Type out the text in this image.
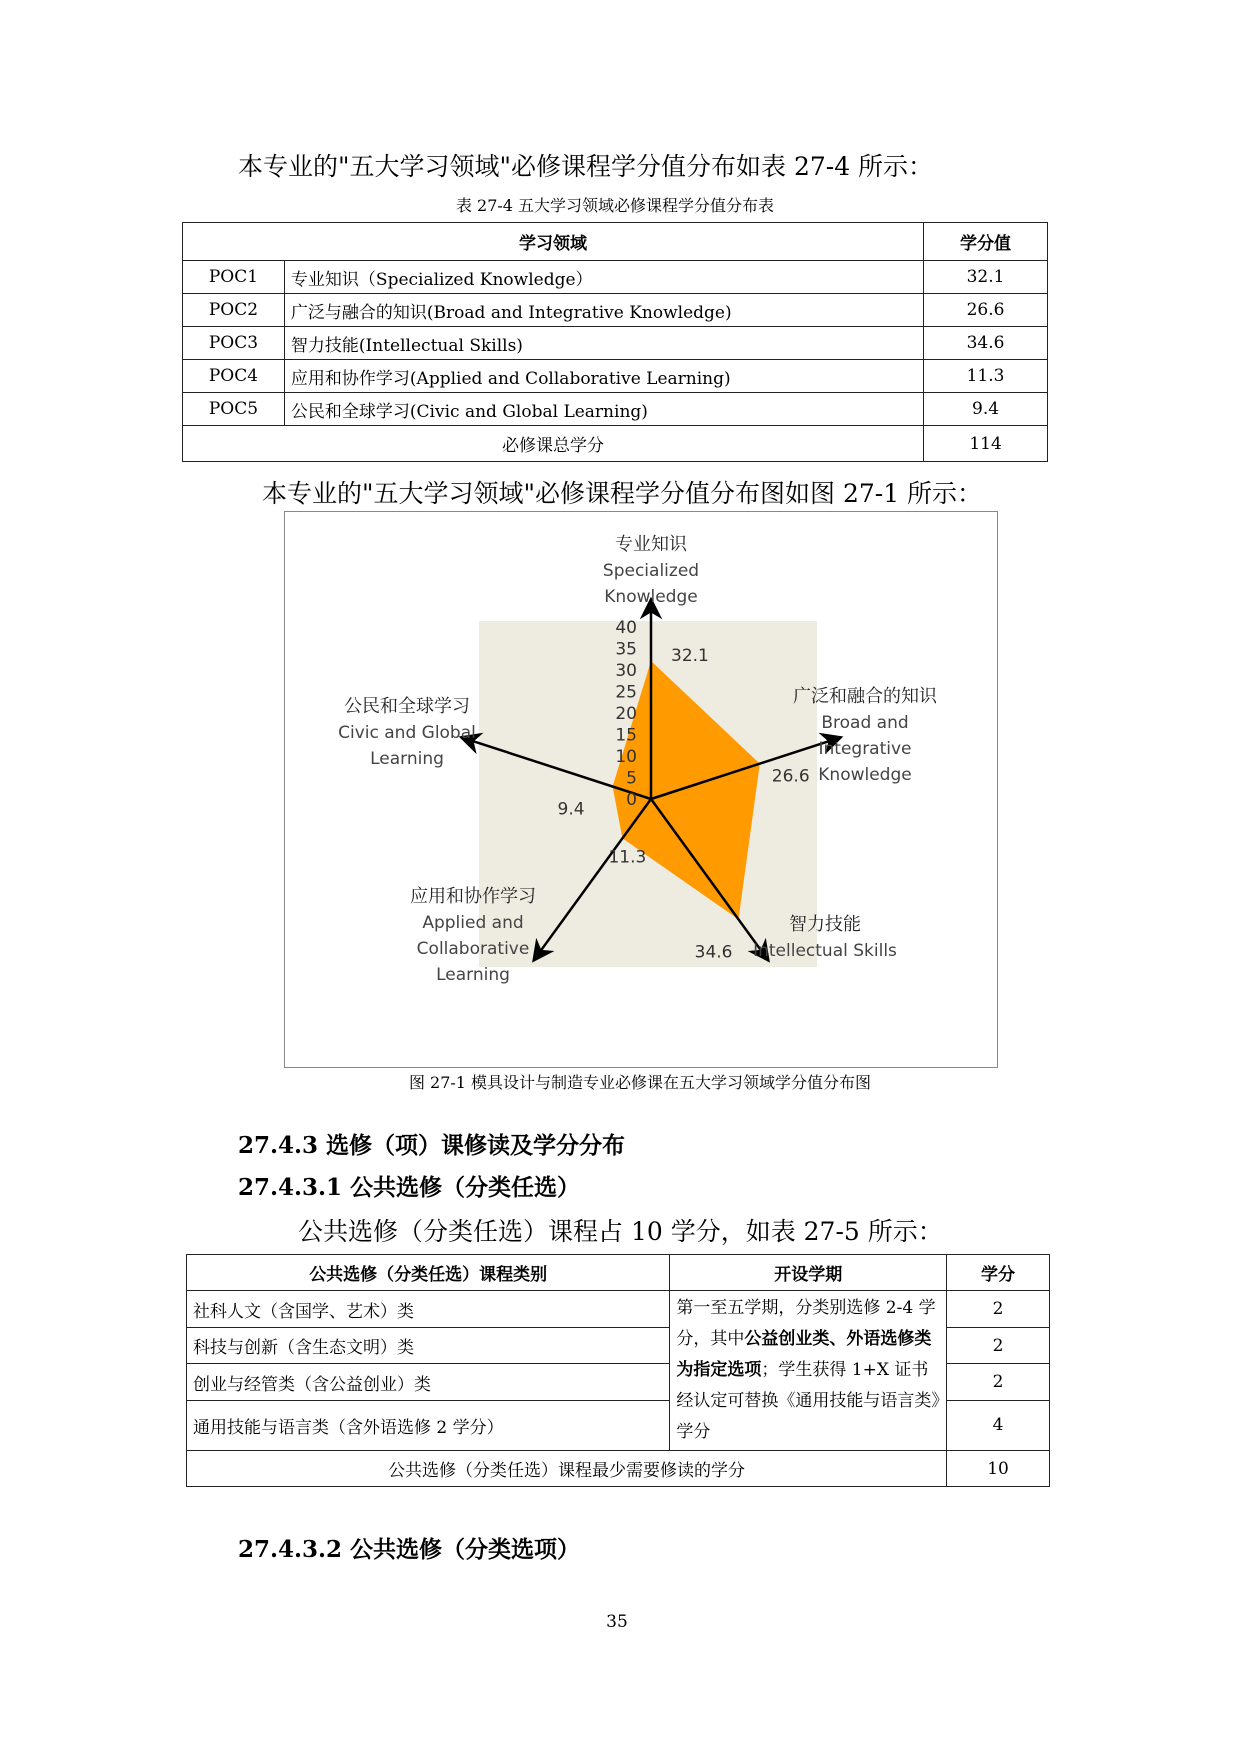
本专业的"五大学习领域"必修课程学分值分布如表 27-4 所示：
表 27-4 五大学习领域必修课程学分值分布表
学习领域		学分值
POC1	专业知识（Specialized Knowledge）	32.1
POC2	广泛与融合的知识(Broad and Integrative Knowledge)	26.6
POC3	智力技能(Intellectual Skills)	34.6
POC4	应用和协作学习(Applied and Collaborative Learning)	11.3
POC5	公民和全球学习(Civic and Global Learning)	9.4
必修课总学分		114
本专业的"五大学习领域"必修课程学分值分布图如图 27-1 所示：
0
5
10
15
20
25
30
35
40
32.1
26.6
34.6
11.3
9.4
专业知识
Specialized
Knowledge
广泛和融合的知识
Broad and
Integrative
Knowledge
智力技能
Intellectual Skills
应用和协作学习
Applied and
Collaborative
Learning
公民和全球学习
Civic and Global
Learning
图 27-1 模具设计与制造专业必修课在五大学习领域学分值分布图
27.4.3 选修（项）课修读及学分分布
27.4.3.1 公共选修（分类任选）
公共选修（分类任选）课程占 10 学分，如表 27-5 所示：
公共选修（分类任选）课程类别	开设学期	学分
社科人文（含国学、艺术）类	第一至五学期，分类别选修 2-4 学分，其中公益创业类、外语选修类为指定选项；学生获得 1+X 证书经认定可替换《通用技能与语言类》学分	2
科技与创新（含生态文明）类		2
创业与经管类（含公益创业）类		2
通用技能与语言类（含外语选修 2 学分）		4
公共选修（分类任选）课程最少需要修读的学分		10
27.4.3.2 公共选修（分类选项）
35
